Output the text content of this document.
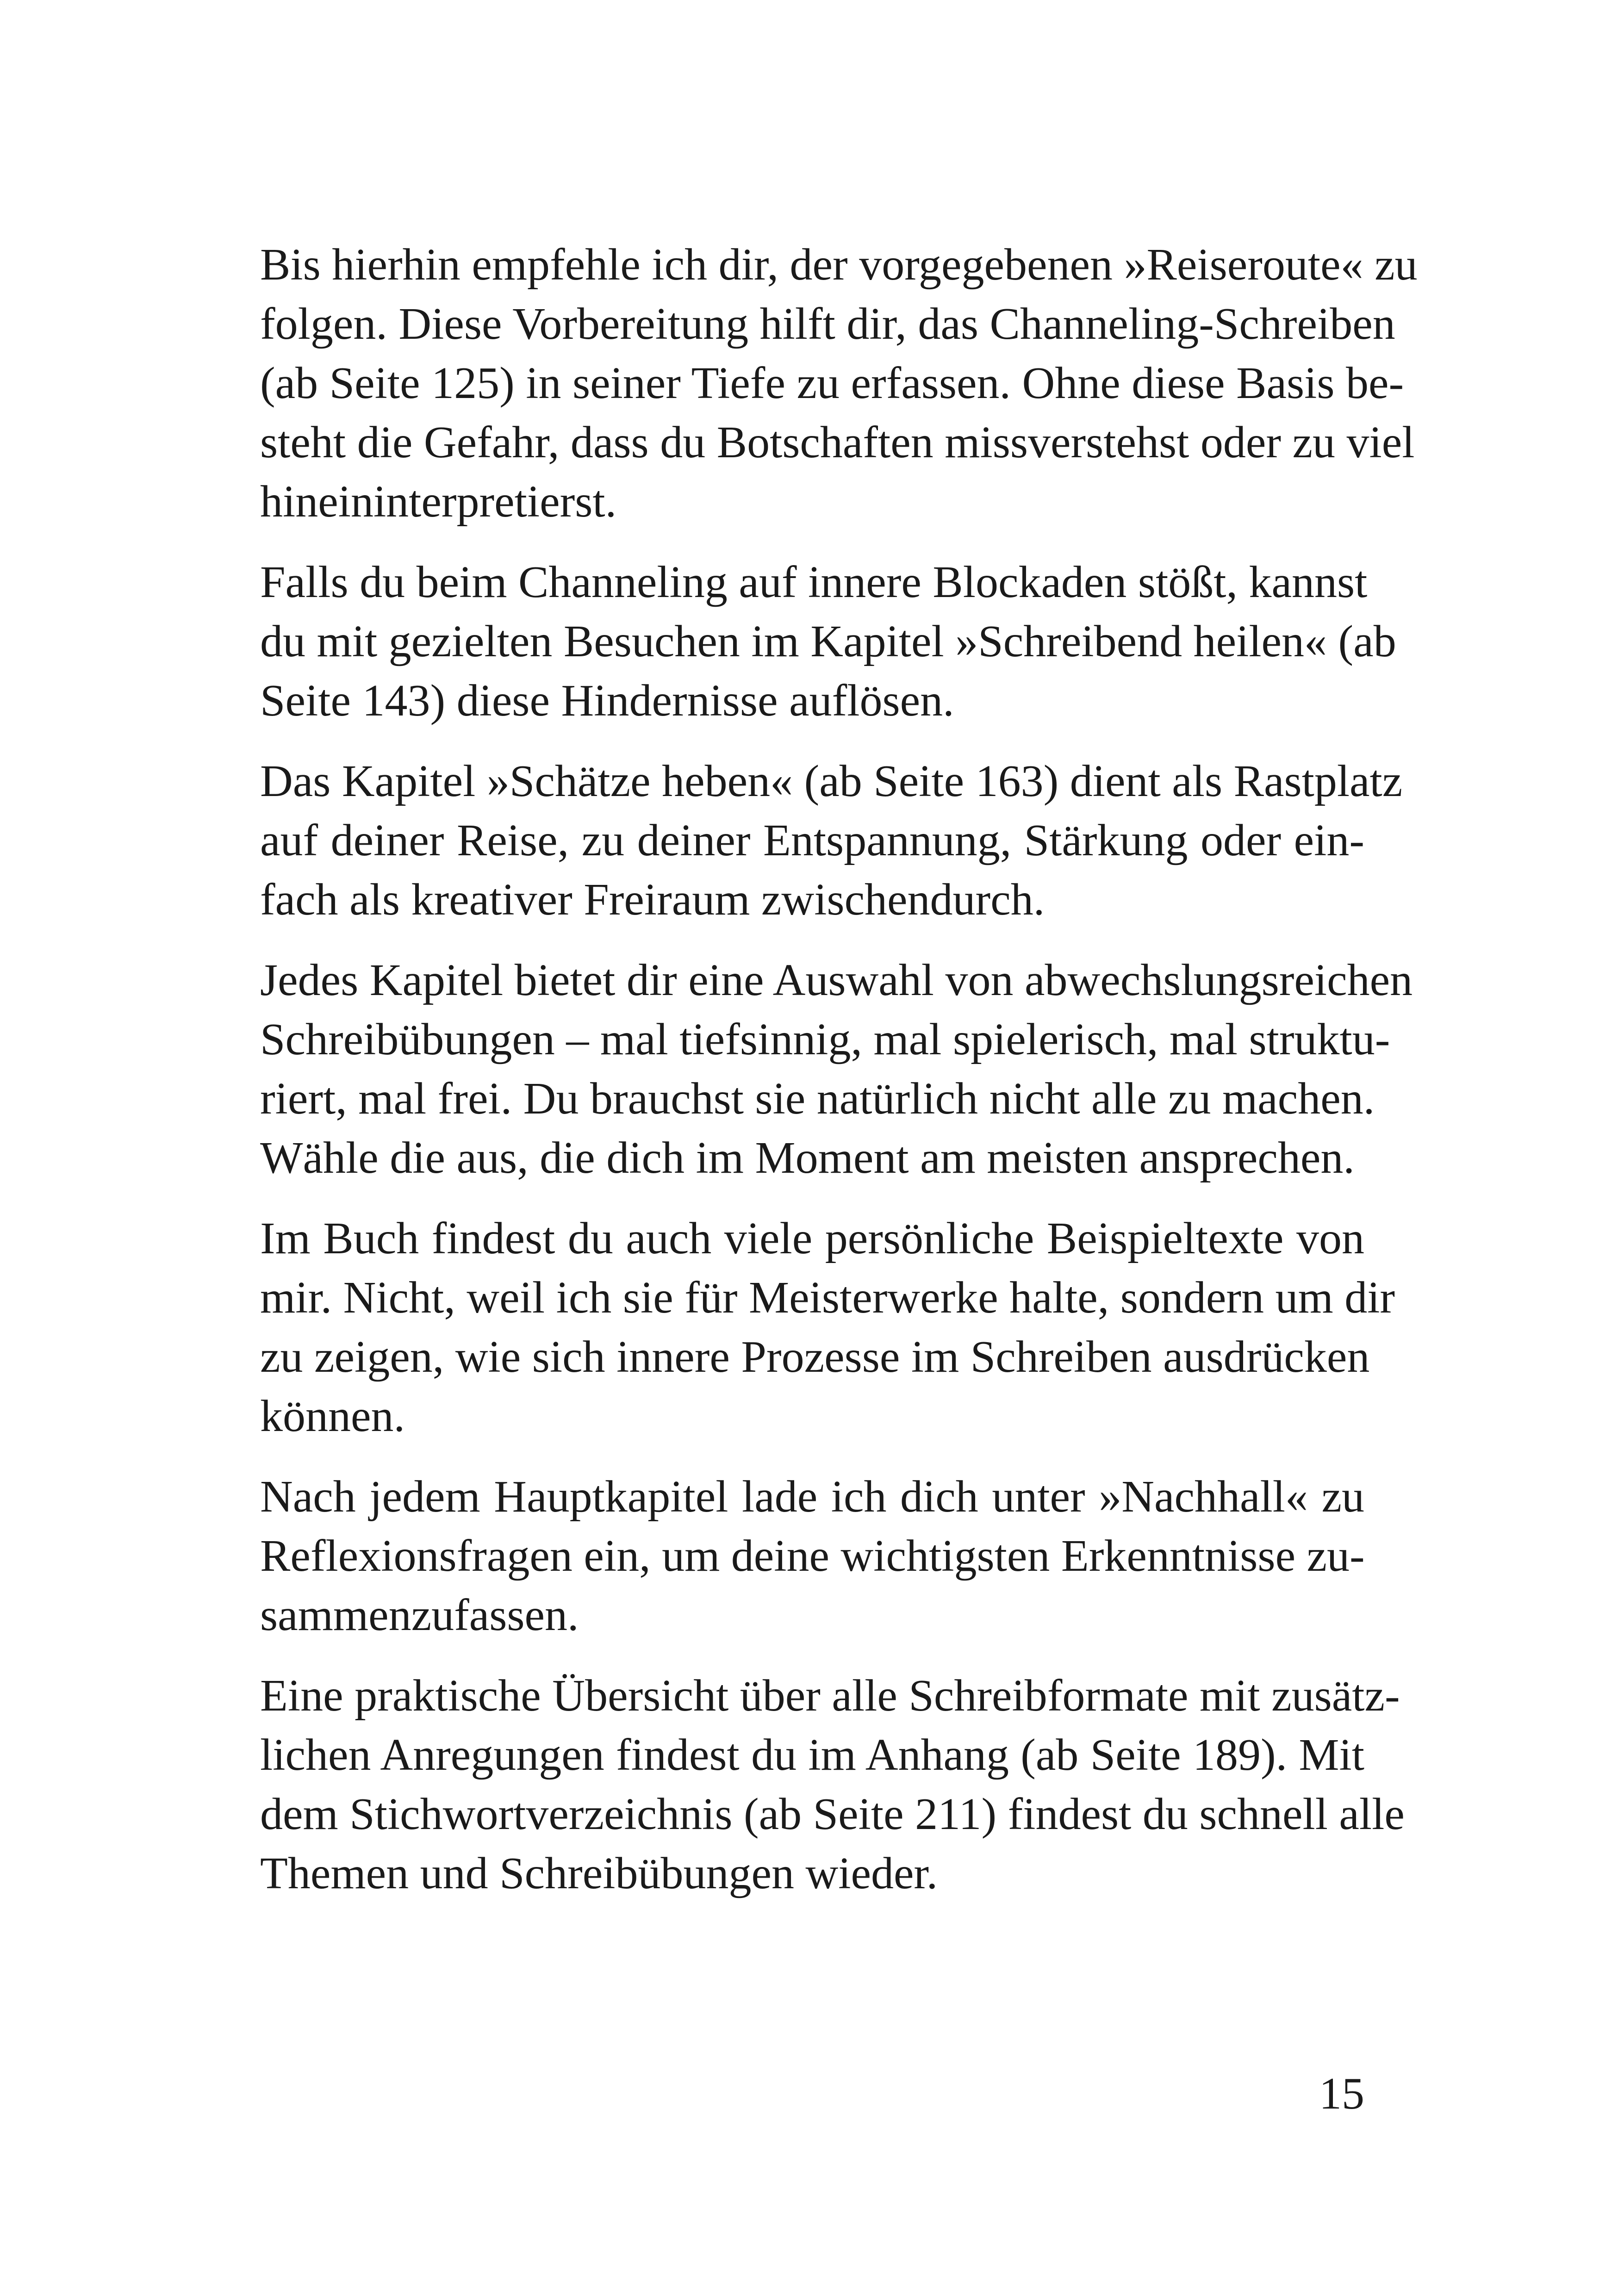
Bis hierhin empfehle ich dir, der vorgegebenen »Reiseroute« zu
folgen. Diese Vorbereitung hilft dir, das Channeling-Schreiben
(ab Seite 125) in seiner Tiefe zu erfassen. Ohne diese Basis be-
steht die Gefahr, dass du Botschaften missverstehst oder zu viel
hineininterpretierst.

Falls du beim Channeling auf innere Blockaden stößt, kannst
du mit gezielten Besuchen im Kapitel »Schreibend heilen« (ab
Seite 143) diese Hindernisse auflösen.

Das Kapitel »Schätze heben« (ab Seite 163) dient als Rastplatz
auf deiner Reise, zu deiner Entspannung, Stärkung oder ein-
fach als kreativer Freiraum zwischendurch.

Jedes Kapitel bietet dir eine Auswahl von abwechslungsreichen
Schreibübungen – mal tiefsinnig, mal spielerisch, mal struktu-
riert, mal frei. Du brauchst sie natürlich nicht alle zu machen.
Wähle die aus, die dich im Moment am meisten ansprechen.

Im Buch findest du auch viele persönliche Beispieltexte von
mir. Nicht, weil ich sie für Meisterwerke halte, sondern um dir
zu zeigen, wie sich innere Prozesse im Schreiben ausdrücken
können.

Nach jedem Hauptkapitel lade ich dich unter »Nachhall« zu
Reflexionsfragen ein, um deine wichtigsten Erkenntnisse zu-
sammenzufassen.

Eine praktische Übersicht über alle Schreibformate mit zusätz-
lichen Anregungen findest du im Anhang (ab Seite 189). Mit
dem Stichwortverzeichnis (ab Seite 211) findest du schnell alle
Themen und Schreibübungen wieder.

15
